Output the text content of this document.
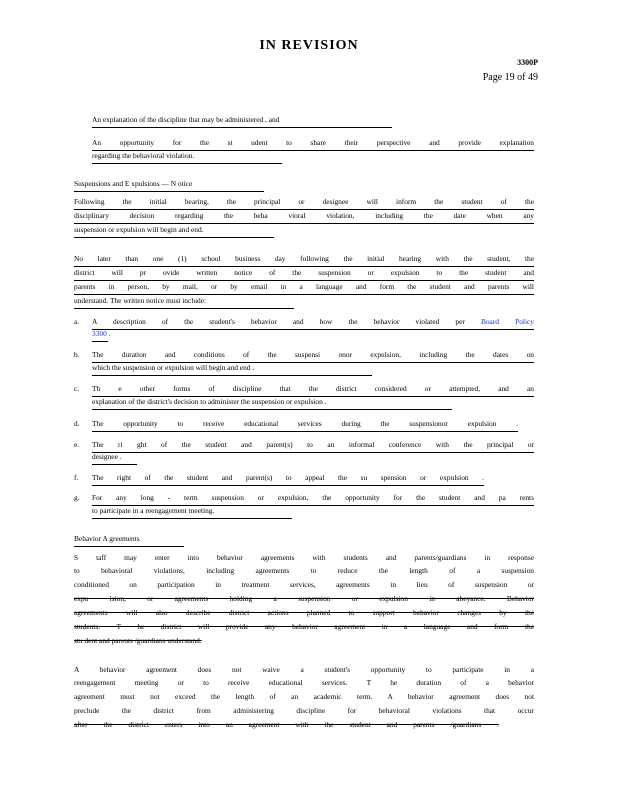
IN REVISION
3300P
Page 19 of 49

An explanation of the discipline that may be administered , and

An opportunity for the st udent to share their perspective and provide explanation

regarding the behavioral violation.

Suspensions and E xpulsions — N otice

Following the initial hearing, the principal or designee will inform the student of the

disciplinary decision regarding the beha vioral violation, including the date when any

suspension or expulsion will begin and end.

No later than one (1) school business day following the initial hearing with the student, the

district will pr ovide written notice of the suspension or expulsion to the student and

parents in person, by mail, or by email in a language and form the student and parents will

understand. The written notice must include:

a. A description of the student's behavior and how the behavior violated per Board Policy

3300 .

b. The duration and conditions of the suspensi onor expulsion, including the dates on

which the suspension or expulsion will begin and end .

c. Th e other forms of discipline that the district considered or attempted, and an

explanation of the district's decision to administer the suspension or expulsion .

d. The opportunity to receive educational services during the suspensionor expulsion .

e. The ri ght of the student and parent(s) to an informal conference with the principal or

designee .

f. The right of the student and parent(s) to appeal the su spension or expulsion .

g. For any long - term suspension or expulsion, the opportunity for the student and pa rents

to participate in a reengagement meeting.

Behavior A greements

S taff may enter into behavior agreements with students and parents/guardians in response

to behavioral violations, including agreements to reduce the length of a suspension

conditioned on participation in treatment services, agreements in lieu of suspension or

expu lsion, or agreements holding a suspension or expulsion in abeyance. Behavior

agreements will also describe district actions planned to support behavior changes by the

students. T he district will provide any behavior agreement in a language and form the

stu dent and parents /guardians understand.

A behavior agreement does not waive a student's opportunity to participate in a

reengagement meeting or to receive educational services. T he duration of a behavior

agreement must not exceed the length of an academic term. A behavior agreement does not

preclude the district from administering discipline for behavioral violations that occur

after the district enters into an agreement with the student and parents /guardians .
